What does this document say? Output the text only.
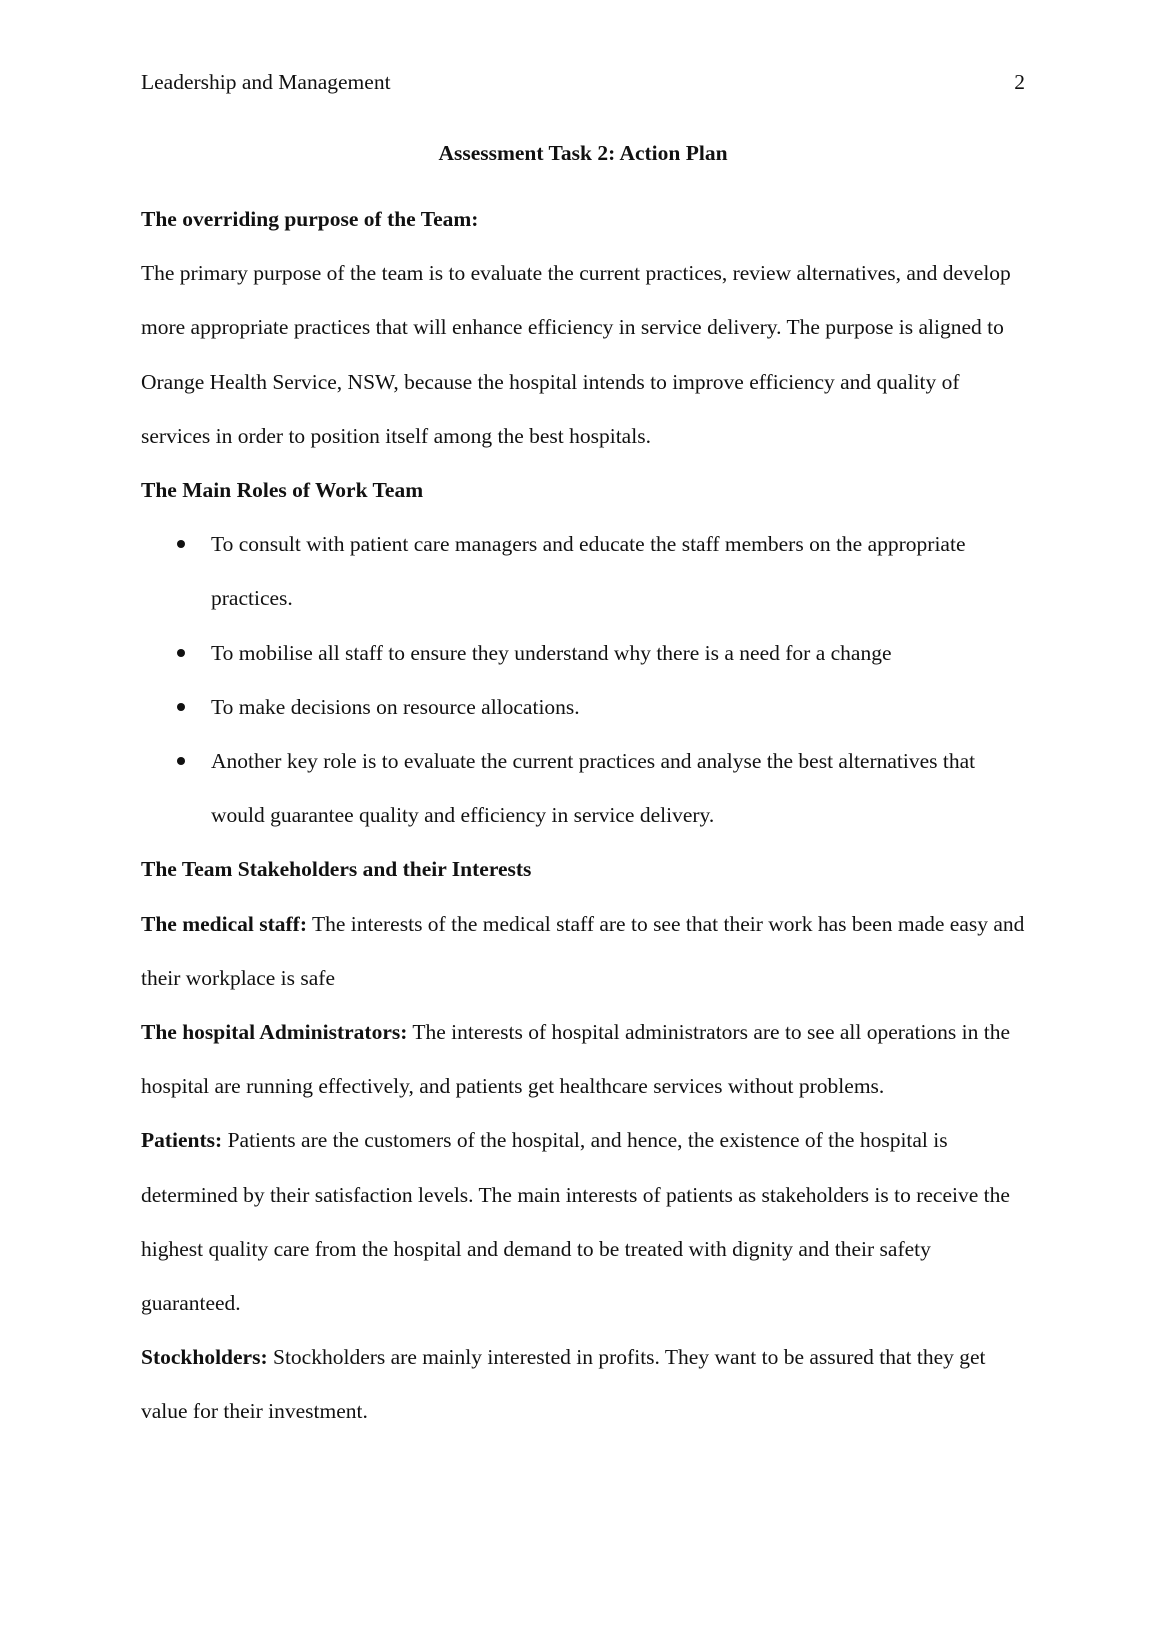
Leadership and Management	2
Assessment Task 2: Action Plan

The overriding purpose of the Team:

The primary purpose of the team is to evaluate the current practices, review alternatives, and develop more appropriate practices that will enhance efficiency in service delivery. The purpose is aligned to Orange Health Service, NSW, because the hospital intends to improve efficiency and quality of services in order to position itself among the best hospitals.

The Main Roles of Work Team

To consult with patient care managers and educate the staff members on the appropriate practices.
To mobilise all staff to ensure they understand why there is a need for a change
To make decisions on resource allocations.
Another key role is to evaluate the current practices and analyse the best alternatives that would guarantee quality and efficiency in service delivery.

The Team Stakeholders and their Interests

The medical staff: The interests of the medical staff are to see that their work has been made easy and their workplace is safe

The hospital Administrators: The interests of hospital administrators are to see all operations in the hospital are running effectively, and patients get healthcare services without problems.

Patients: Patients are the customers of the hospital, and hence, the existence of the hospital is determined by their satisfaction levels. The main interests of patients as stakeholders is to receive the highest quality care from the hospital and demand to be treated with dignity and their safety guaranteed.

Stockholders: Stockholders are mainly interested in profits. They want to be assured that they get value for their investment.
